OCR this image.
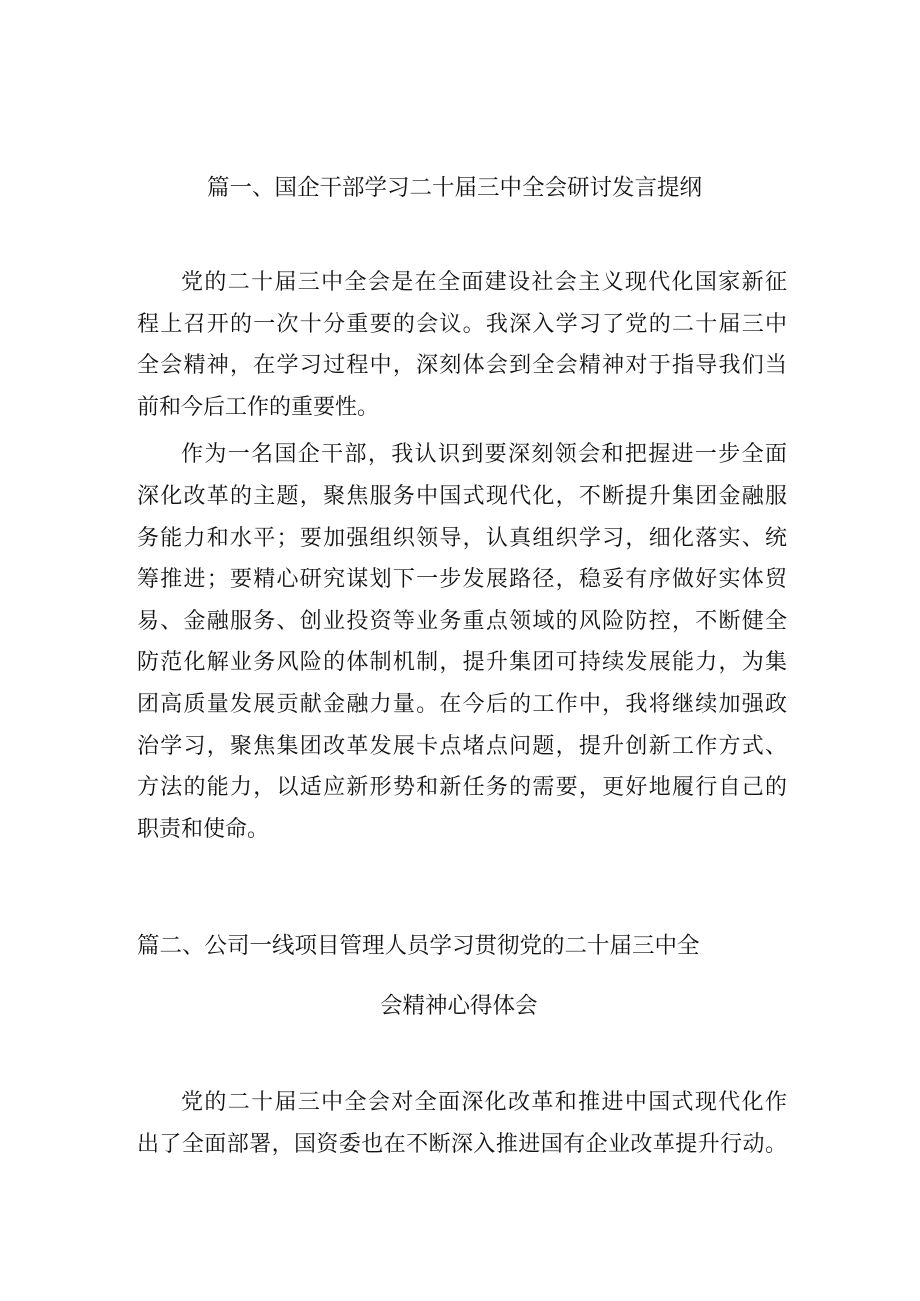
篇一、国企干部学习二十届三中全会研讨发言提纲

党的二十届三中全会是在全面建设社会主义现代化国家新征

程上召开的一次十分重要的会议。我深入学习了党的二十届三中

全会精神，在学习过程中，深刻体会到全会精神对于指导我们当

前和今后工作的重要性。

作为一名国企干部，我认识到要深刻领会和把握进一步全面

深化改革的主题，聚焦服务中国式现代化，不断提升集团金融服

务能力和水平；要加强组织领导，认真组织学习，细化落实、统

筹推进；要精心研究谋划下一步发展路径，稳妥有序做好实体贸

易、金融服务、创业投资等业务重点领域的风险防控，不断健全

防范化解业务风险的体制机制，提升集团可持续发展能力，为集

团高质量发展贡献金融力量。在今后的工作中，我将继续加强政

治学习，聚焦集团改革发展卡点堵点问题，提升创新工作方式、

方法的能力，以适应新形势和新任务的需要，更好地履行自己的

职责和使命。

篇二、公司一线项目管理人员学习贯彻党的二十届三中全
会精神心得体会

党的二十届三中全会对全面深化改革和推进中国式现代化作

出了全面部署，国资委也在不断深入推进国有企业改革提升行动。
